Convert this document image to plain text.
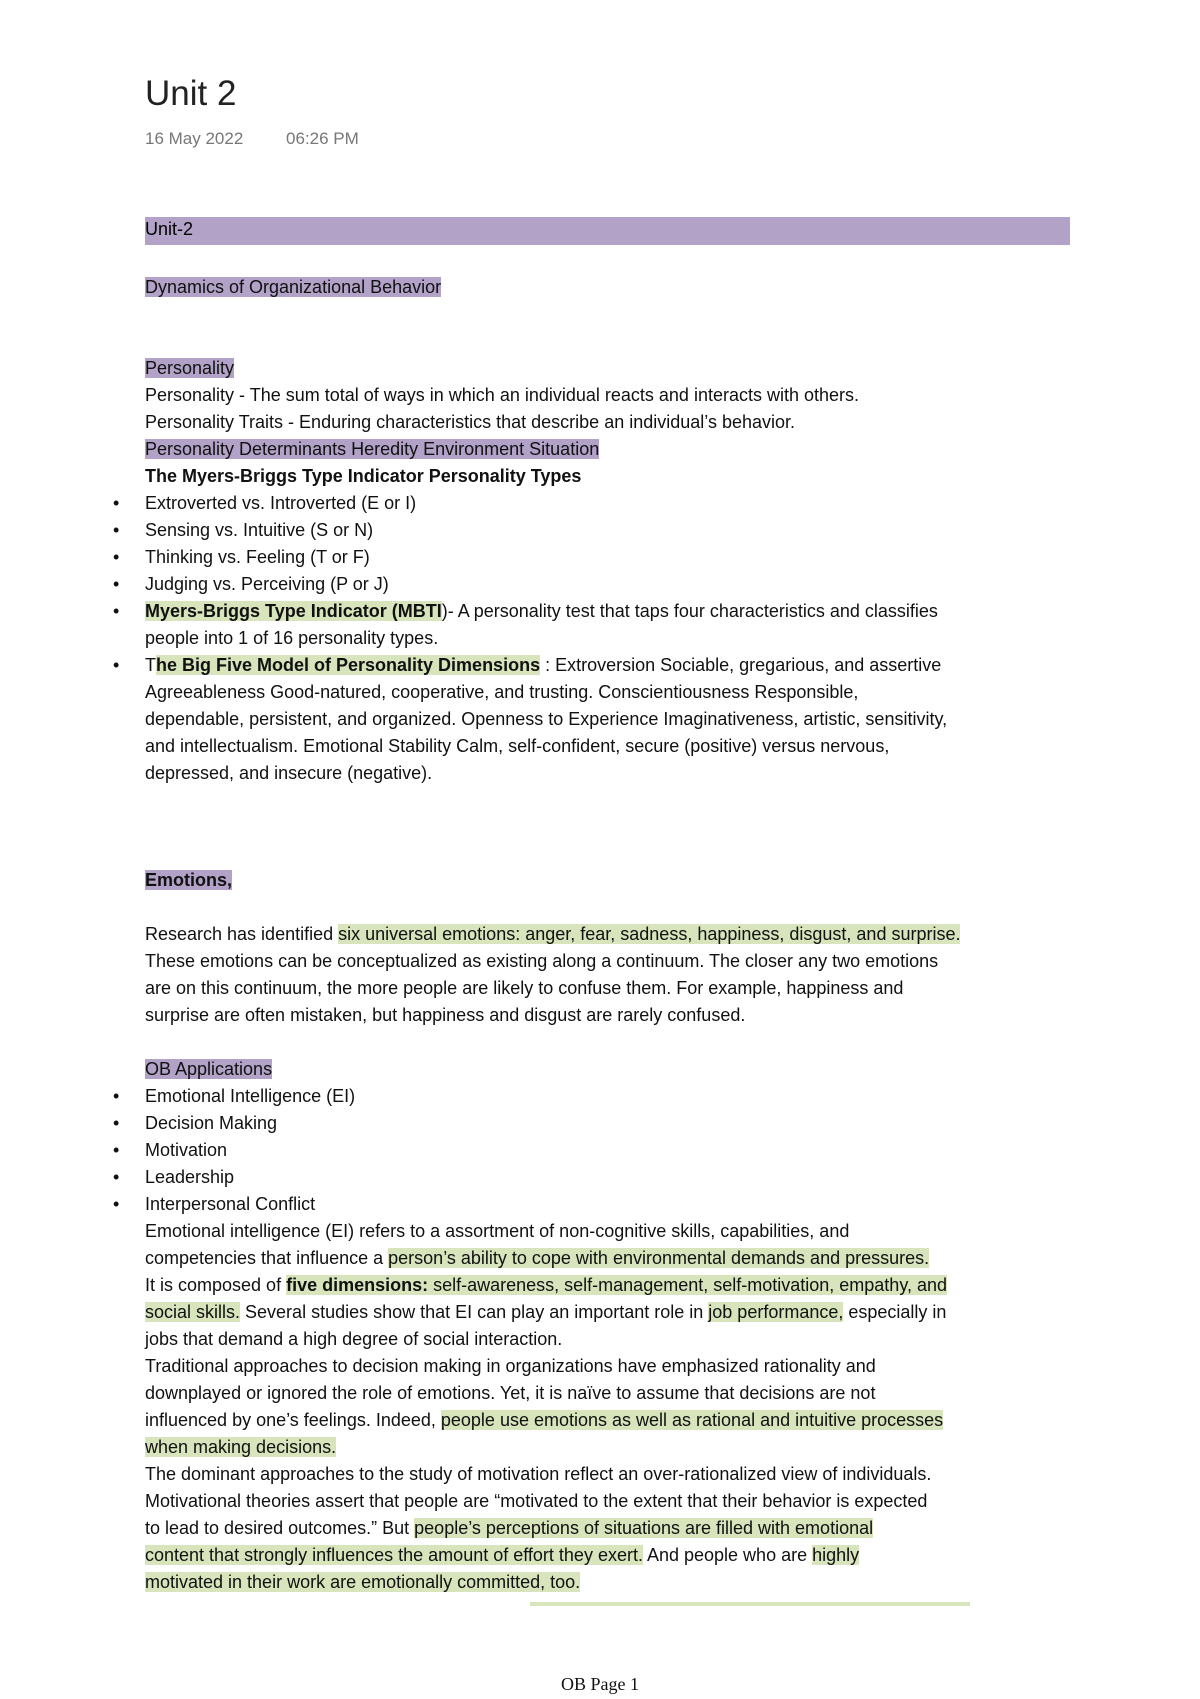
Unit 2
16 May 2022	06:26 PM
Unit-2
Dynamics of Organizational Behavior
Personality
Personality - The sum total of ways in which an individual reacts and interacts with others.
Personality Traits - Enduring characteristics that describe an individual’s behavior.
Personality Determinants Heredity Environment Situation
The Myers-Briggs Type Indicator Personality Types
• Extroverted vs. Introverted (E or I)
• Sensing vs. Intuitive (S or N)
• Thinking vs. Feeling (T or F)
• Judging vs. Perceiving (P or J)
• Myers-Briggs Type Indicator (MBTI)- A personality test that taps four characteristics and classifies
people into 1 of 16 personality types.
• The Big Five Model of Personality Dimensions : Extroversion Sociable, gregarious, and assertive
Agreeableness Good-natured, cooperative, and trusting. Conscientiousness Responsible,
dependable, persistent, and organized. Openness to Experience Imaginativeness, artistic, sensitivity,
and intellectualism. Emotional Stability Calm, self-confident, secure (positive) versus nervous,
depressed, and insecure (negative).
Emotions,
Research has identified six universal emotions: anger, fear, sadness, happiness, disgust, and surprise.
These emotions can be conceptualized as existing along a continuum. The closer any two emotions
are on this continuum, the more people are likely to confuse them. For example, happiness and
surprise are often mistaken, but happiness and disgust are rarely confused.
OB Applications
• Emotional Intelligence (EI)
• Decision Making
• Motivation
• Leadership
• Interpersonal Conflict
Emotional intelligence (EI) refers to a assortment of non-cognitive skills, capabilities, and
competencies that influence a person’s ability to cope with environmental demands and pressures.
It is composed of five dimensions: self-awareness, self-management, self-motivation, empathy, and
social skills. Several studies show that EI can play an important role in job performance, especially in
jobs that demand a high degree of social interaction.
Traditional approaches to decision making in organizations have emphasized rationality and
downplayed or ignored the role of emotions. Yet, it is naïve to assume that decisions are not
influenced by one’s feelings. Indeed, people use emotions as well as rational and intuitive processes
when making decisions.
The dominant approaches to the study of motivation reflect an over-rationalized view of individuals.
Motivational theories assert that people are “motivated to the extent that their behavior is expected
to lead to desired outcomes.” But people’s perceptions of situations are filled with emotional
content that strongly influences the amount of effort they exert. And people who are highly
motivated in their work are emotionally committed, too.
OB Page 1
